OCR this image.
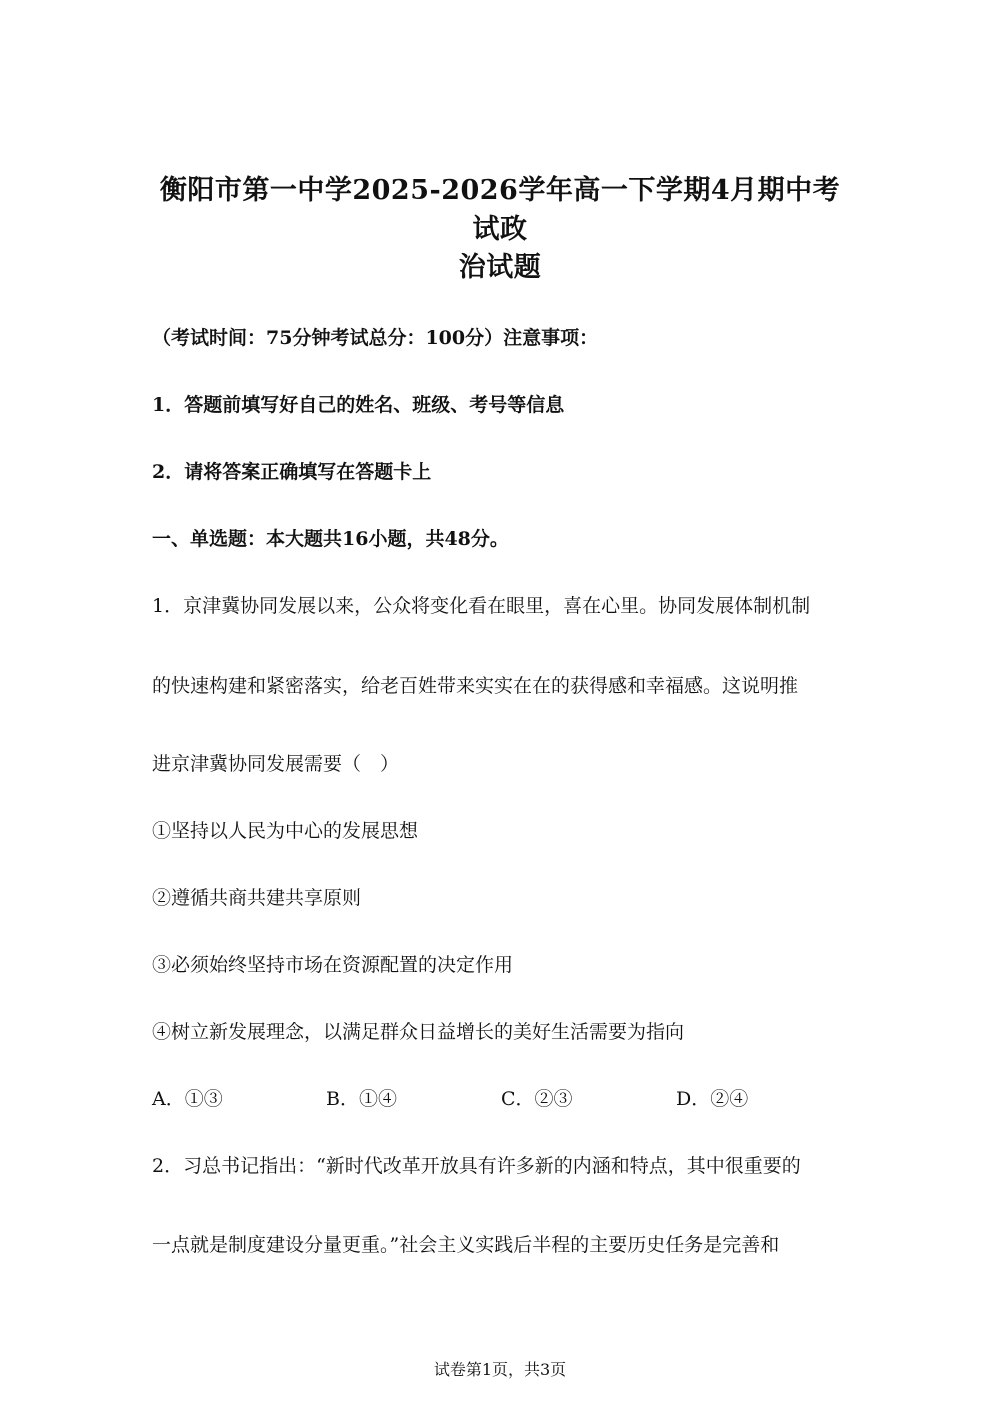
衡阳市第一中学2025-2026学年高一下学期4月期中考试政
治试题
（考试时间：75分钟考试总分：100分）注意事项：
1．答题前填写好自己的姓名、班级、考号等信息
2．请将答案正确填写在答题卡上
一、单选题：本大题共16小题，共48分。
1．京津冀协同发展以来，公众将变化看在眼里，喜在心里。协同发展体制机制
的快速构建和紧密落实，给老百姓带来实实在在的获得感和幸福感。这说明推
进京津冀协同发展需要（　）
①坚持以人民为中心的发展思想
②遵循共商共建共享原则
③必须始终坚持市场在资源配置的决定作用
④树立新发展理念，以满足群众日益增长的美好生活需要为指向
A．①③	B．①④	C．②③	D．②④
2．习总书记指出：“新时代改革开放具有许多新的内涵和特点，其中很重要的
一点就是制度建设分量更重。”社会主义实践后半程的主要历史任务是完善和
试卷第1页，共3页
